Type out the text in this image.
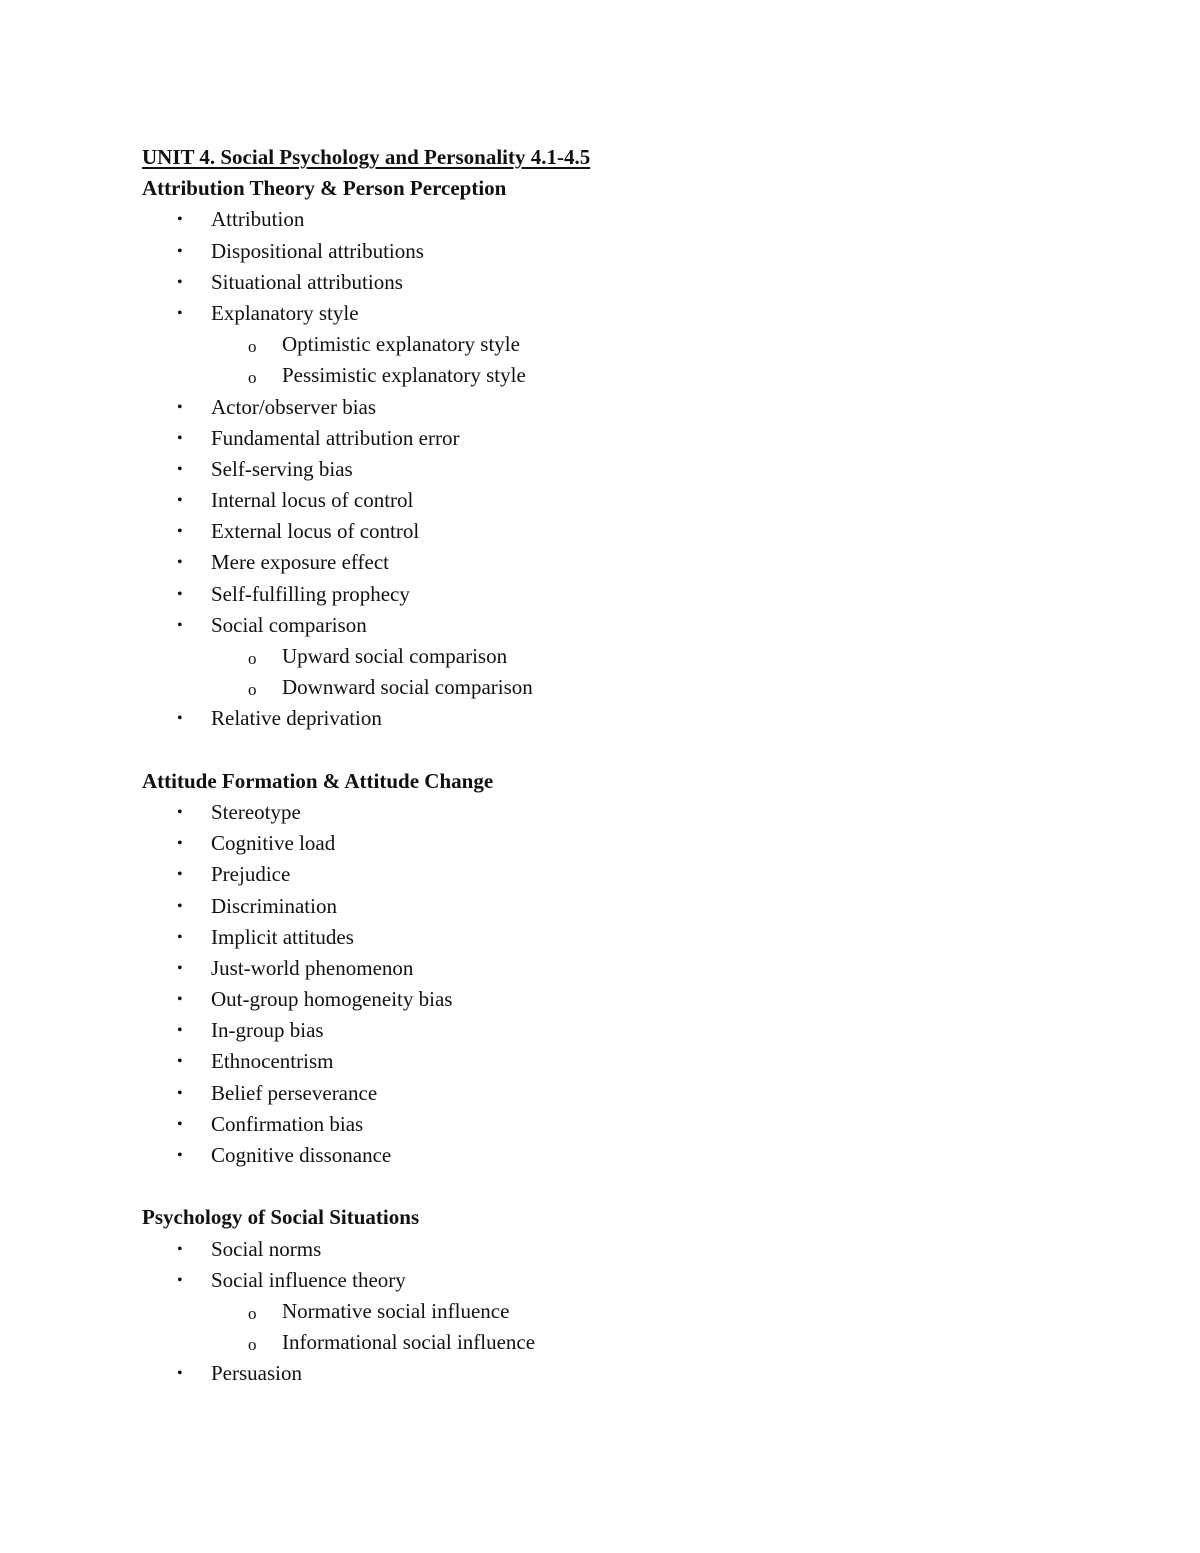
UNIT 4. Social Psychology and Personality 4.1-4.5
Attribution Theory & Person Perception
• Attribution
• Dispositional attributions
• Situational attributions
• Explanatory style
o Optimistic explanatory style
o Pessimistic explanatory style
• Actor/observer bias
• Fundamental attribution error
• Self-serving bias
• Internal locus of control
• External locus of control
• Mere exposure effect
• Self-fulfilling prophecy
• Social comparison
o Upward social comparison
o Downward social comparison
• Relative deprivation
Attitude Formation & Attitude Change
• Stereotype
• Cognitive load
• Prejudice
• Discrimination
• Implicit attitudes
• Just-world phenomenon
• Out-group homogeneity bias
• In-group bias
• Ethnocentrism
• Belief perseverance
• Confirmation bias
• Cognitive dissonance
Psychology of Social Situations
• Social norms
• Social influence theory
o Normative social influence
o Informational social influence
• Persuasion
